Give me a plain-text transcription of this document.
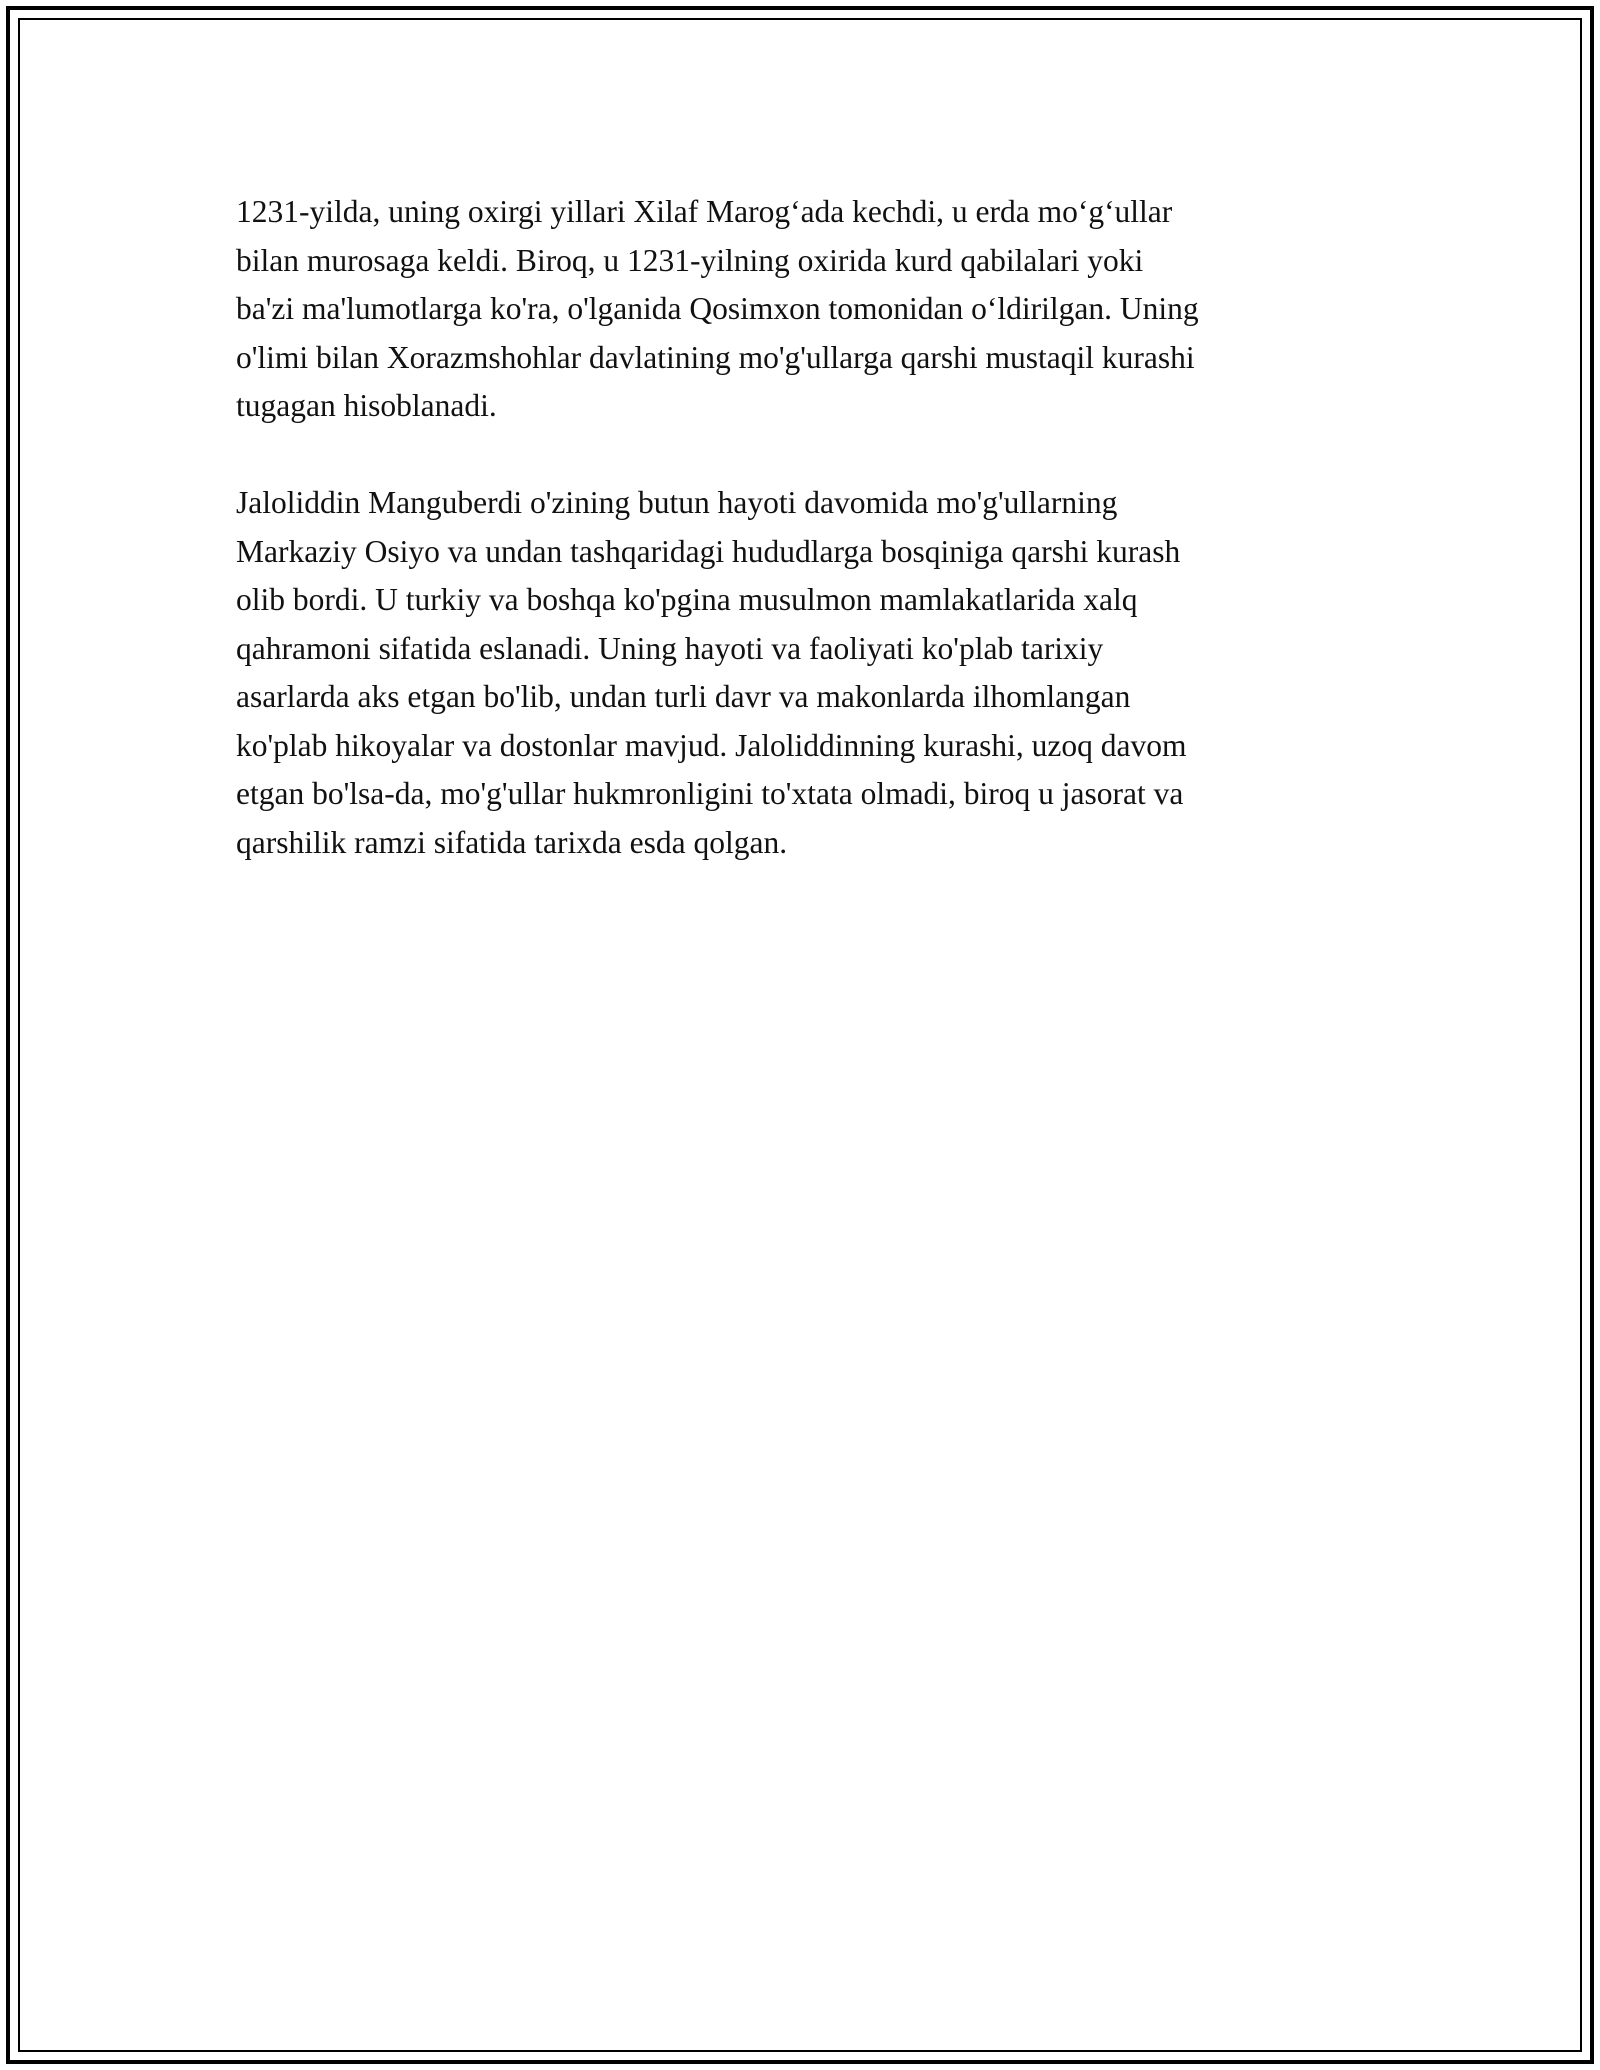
1231-yilda, uning oxirgi yillari Xilaf Marog‘ada kechdi, u erda mo‘g‘ullar
bilan murosaga keldi. Biroq, u 1231-yilning oxirida kurd qabilalari yoki
ba'zi ma'lumotlarga ko'ra, o'lganida Qosimxon tomonidan o‘ldirilgan. Uning
o'limi bilan Xorazmshohlar davlatining mo'g'ullarga qarshi mustaqil kurashi
tugagan hisoblanadi.

Jaloliddin Manguberdi o'zining butun hayoti davomida mo'g'ullarning
Markaziy Osiyo va undan tashqaridagi hududlarga bosqiniga qarshi kurash
olib bordi. U turkiy va boshqa ko'pgina musulmon mamlakatlarida xalq
qahramoni sifatida eslanadi. Uning hayoti va faoliyati ko'plab tarixiy
asarlarda aks etgan bo'lib, undan turli davr va makonlarda ilhomlangan
ko'plab hikoyalar va dostonlar mavjud. Jaloliddinning kurashi, uzoq davom
etgan bo'lsa-da, mo'g'ullar hukmronligini to'xtata olmadi, biroq u jasorat va
qarshilik ramzi sifatida tarixda esda qolgan.
